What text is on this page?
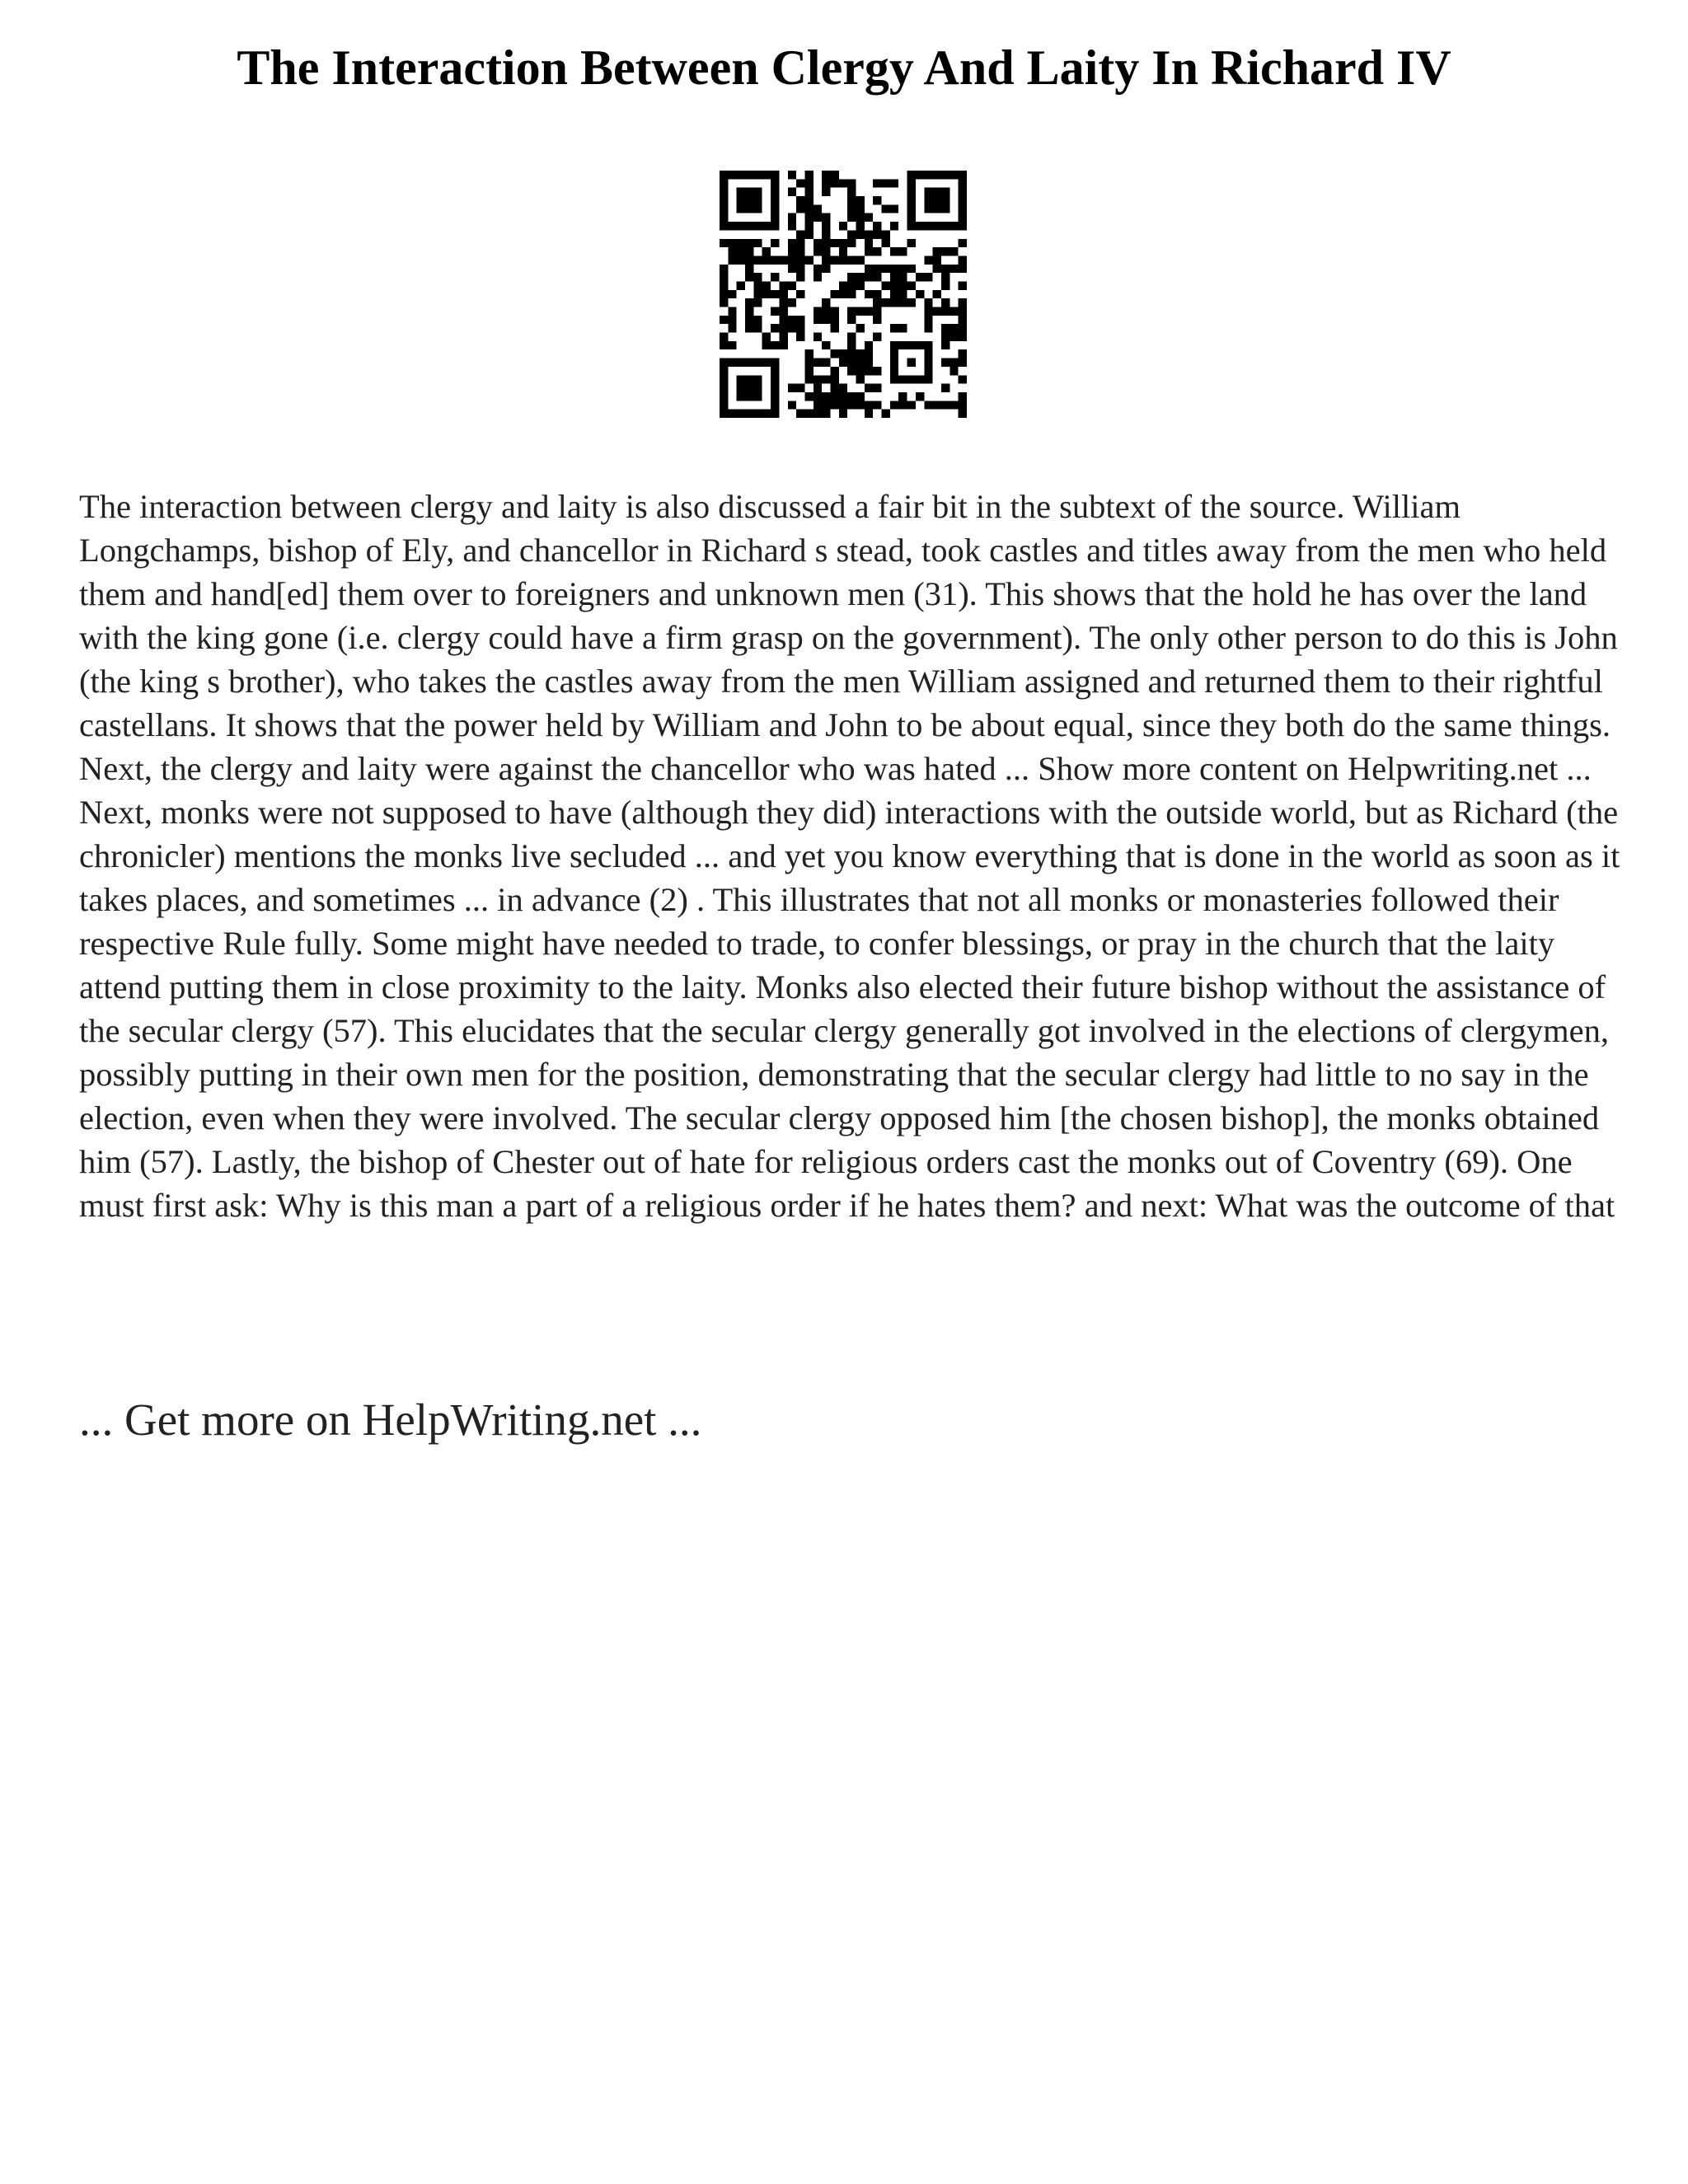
The Interaction Between Clergy And Laity In Richard IV

The interaction between clergy and laity is also discussed a fair bit in the subtext of the source. William Longchamps, bishop of Ely, and chancellor in Richard s stead, took castles and titles away from the men who held them and hand[ed] them over to foreigners and unknown men (31). This shows that the hold he has over the land with the king gone (i.e. clergy could have a firm grasp on the government). The only other person to do this is John (the king s brother), who takes the castles away from the men William assigned and returned them to their rightful castellans. It shows that the power held by William and John to be about equal, since they both do the same things. Next, the clergy and laity were against the chancellor who was hated ... Show more content on Helpwriting.net ...

Next, monks were not supposed to have (although they did) interactions with the outside world, but as Richard (the chronicler) mentions the monks live secluded ... and yet you know everything that is done in the world as soon as it takes places, and sometimes ... in advance (2) . This illustrates that not all monks or monasteries followed their respective Rule fully. Some might have needed to trade, to confer blessings, or pray in the church that the laity attend putting them in close proximity to the laity. Monks also elected their future bishop without the assistance of the secular clergy (57). This elucidates that the secular clergy generally got involved in the elections of clergymen, possibly putting in their own men for the position, demonstrating that the secular clergy had little to no say in the election, even when they were involved. The secular clergy opposed him [the chosen bishop], the monks obtained him (57). Lastly, the bishop of Chester out of hate for religious orders cast the monks out of Coventry (69). One must first ask: Why is this man a part of a religious order if he hates them? and next: What was the outcome of that

... Get more on HelpWriting.net ...
